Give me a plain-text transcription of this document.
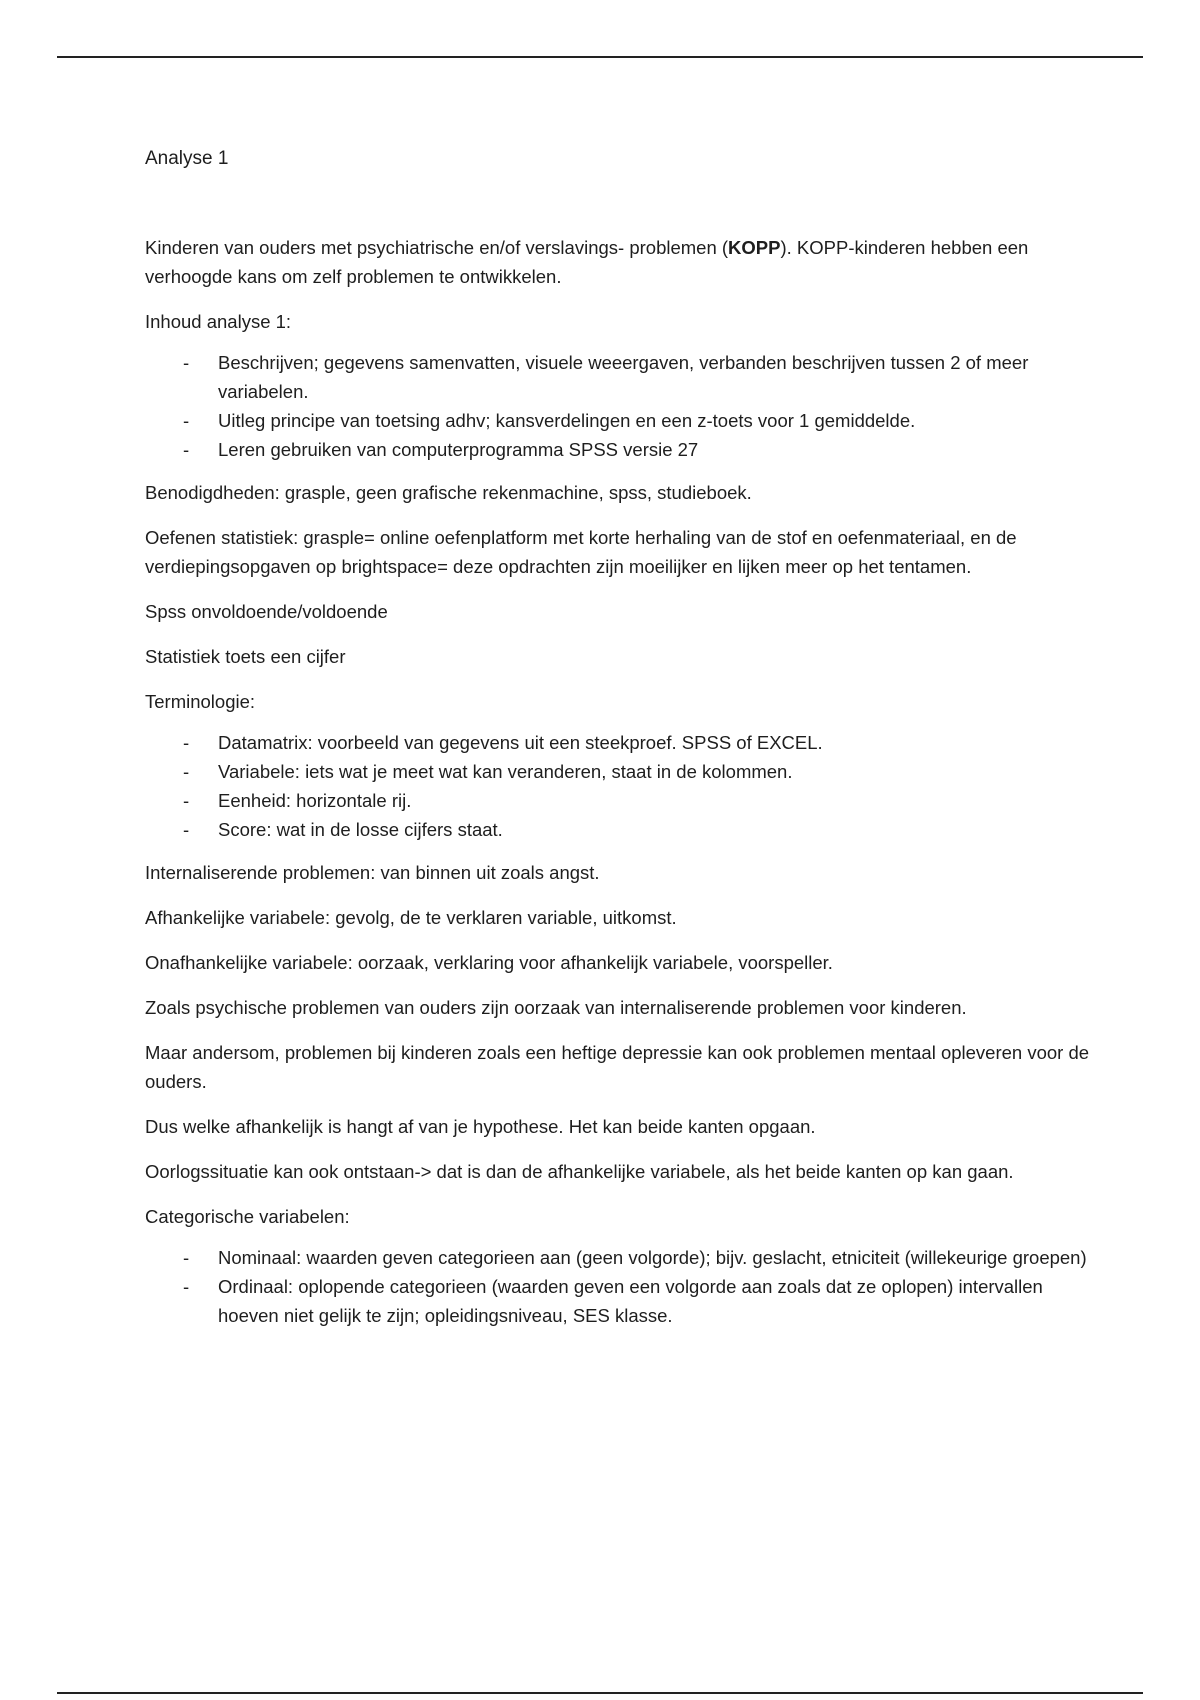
Analyse 1

Kinderen van ouders met psychiatrische en/of verslavings- problemen (KOPP). KOPP-kinderen hebben een verhoogde kans om zelf problemen te ontwikkelen.

Inhoud analyse 1:

- Beschrijven; gegevens samenvatten, visuele weeergaven, verbanden beschrijven tussen 2 of meer variabelen.
- Uitleg principe van toetsing adhv; kansverdelingen en een z-toets voor 1 gemiddelde.
- Leren gebruiken van computerprogramma SPSS versie 27

Benodigdheden: grasple, geen grafische rekenmachine, spss, studieboek.

Oefenen statistiek: grasple= online oefenplatform met korte herhaling van de stof en oefenmateriaal, en de verdiepingsopgaven op brightspace= deze opdrachten zijn moeilijker en lijken meer op het tentamen.

Spss onvoldoende/voldoende

Statistiek toets een cijfer

Terminologie:

- Datamatrix: voorbeeld van gegevens uit een steekproef. SPSS of EXCEL.
- Variabele: iets wat je meet wat kan veranderen, staat in de kolommen.
- Eenheid: horizontale rij.
- Score: wat in de losse cijfers staat.

Internaliserende problemen: van binnen uit zoals angst.

Afhankelijke variabele: gevolg, de te verklaren variable, uitkomst.

Onafhankelijke variabele: oorzaak, verklaring voor afhankelijk variabele, voorspeller.

Zoals psychische problemen van ouders zijn oorzaak van internaliserende problemen voor kinderen.

Maar andersom, problemen bij kinderen zoals een heftige depressie kan ook problemen mentaal opleveren voor de ouders.

Dus welke afhankelijk is hangt af van je hypothese. Het kan beide kanten opgaan.

Oorlogssituatie kan ook ontstaan-> dat is dan de afhankelijke variabele, als het beide kanten op kan gaan.

Categorische variabelen:

- Nominaal: waarden geven categorieen aan (geen volgorde); bijv. geslacht, etniciteit (willekeurige groepen)
- Ordinaal: oplopende categorieen (waarden geven een volgorde aan zoals dat ze oplopen) intervallen hoeven niet gelijk te zijn; opleidingsniveau, SES klasse.
